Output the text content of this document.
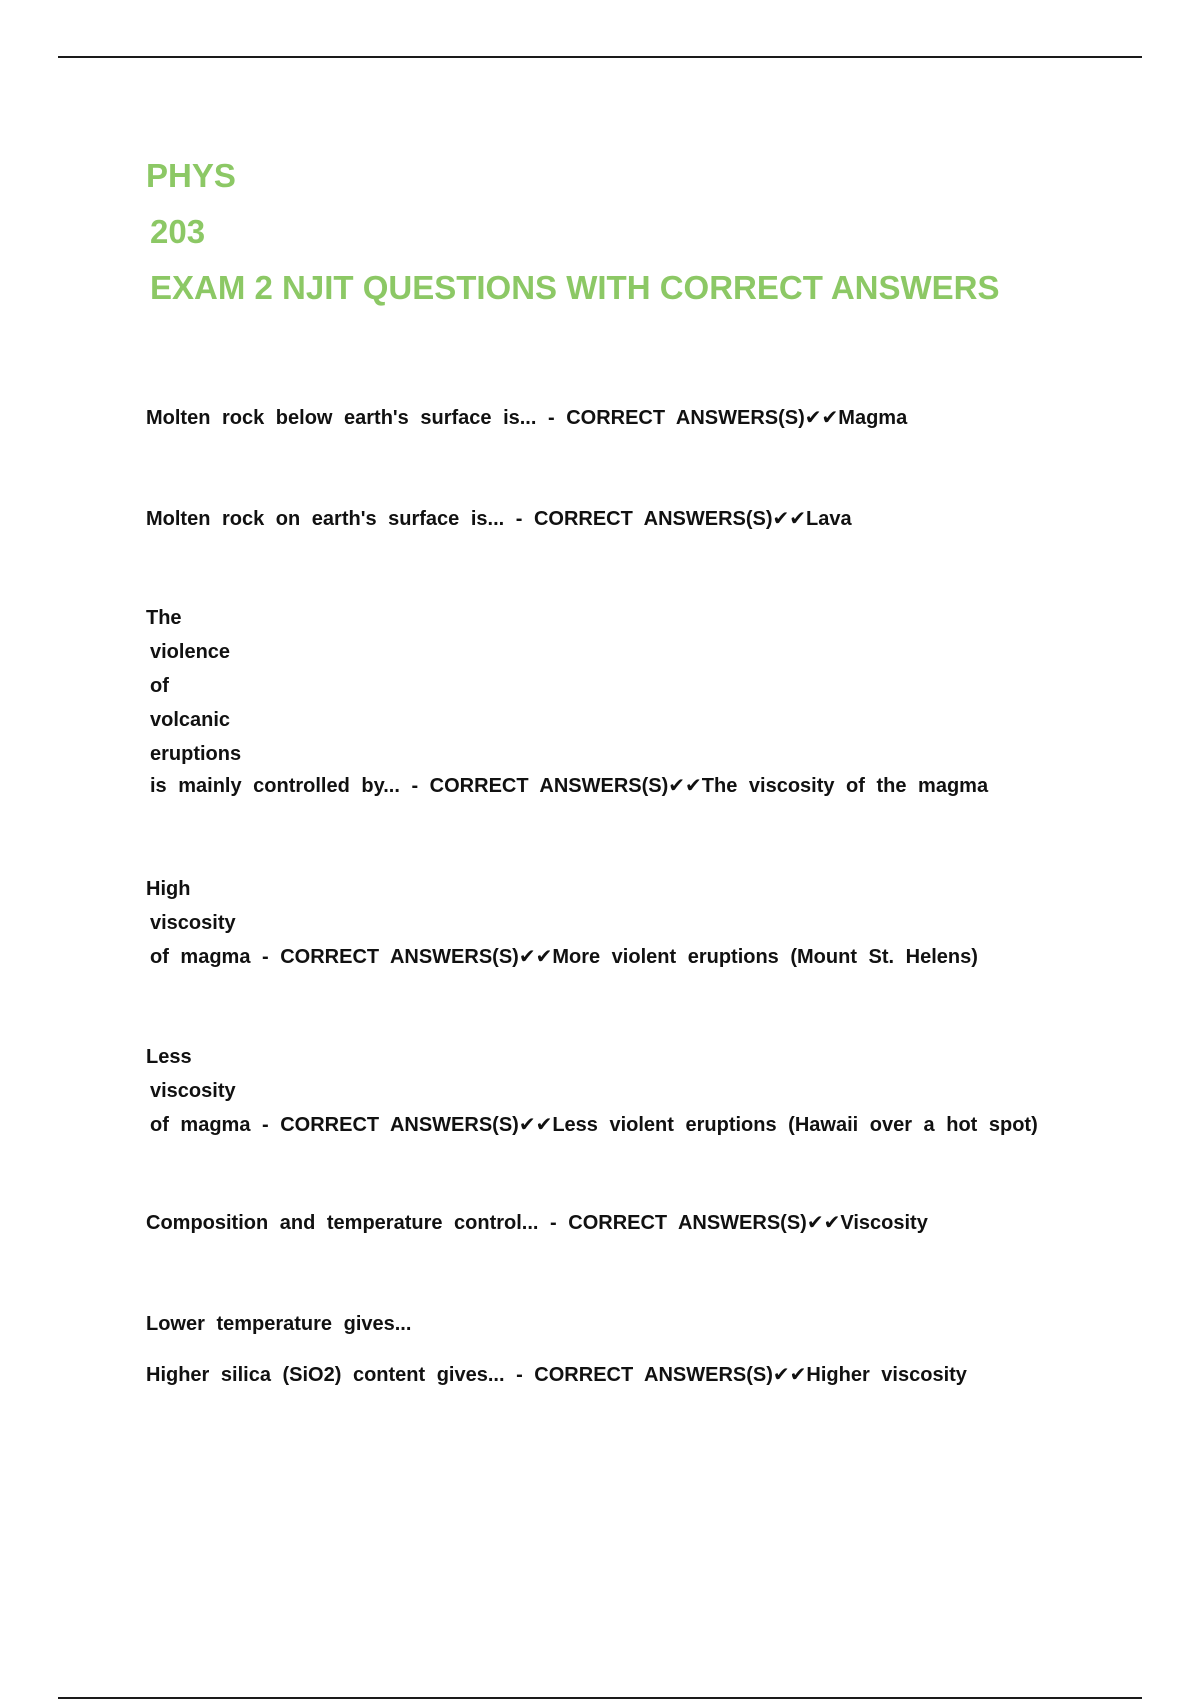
PHYS
203
EXAM 2 NJIT QUESTIONS WITH CORRECT ANSWERS
Molten rock below earth's surface is... - CORRECT ANSWERS(S)✔✔Magma
Molten rock on earth's surface is... - CORRECT ANSWERS(S)✔✔Lava
The
violence
of
volcanic
eruptions
is mainly controlled by... - CORRECT ANSWERS(S)✔✔The viscosity of the magma
High
viscosity
of magma - CORRECT ANSWERS(S)✔✔More violent eruptions (Mount St. Helens)
Less
viscosity
of magma - CORRECT ANSWERS(S)✔✔Less violent eruptions (Hawaii over a hot spot)
Composition and temperature control... - CORRECT ANSWERS(S)✔✔Viscosity
Lower temperature gives...
Higher silica (SiO2) content gives... - CORRECT ANSWERS(S)✔✔Higher viscosity
